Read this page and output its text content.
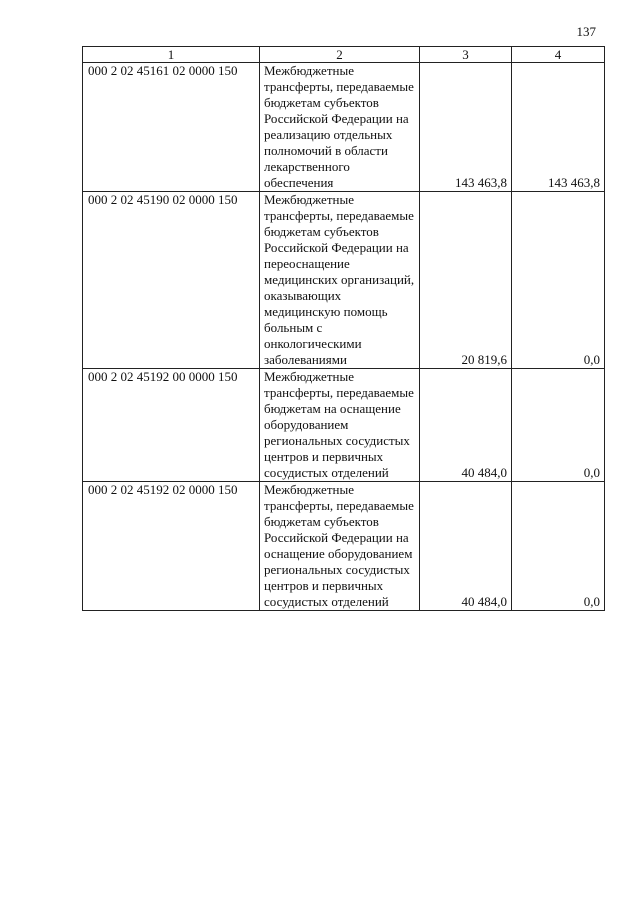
137
1	2	3	4
000 2 02 45161 02 0000 150	Межбюджетные трансферты, передаваемые бюджетам субъектов Российской Федерации на реализацию отдельных полномочий в области лекарственного обеспечения	143 463,8	143 463,8
000 2 02 45190 02 0000 150	Межбюджетные трансферты, передаваемые бюджетам субъектов Российской Федерации на переоснащение медицинских организаций, оказывающих медицинскую помощь больным с онкологическими заболеваниями	20 819,6	0,0
000 2 02 45192 00 0000 150	Межбюджетные трансферты, передаваемые бюджетам на оснащение оборудованием региональных сосудистых центров и первичных сосудистых отделений	40 484,0	0,0
000 2 02 45192 02 0000 150	Межбюджетные трансферты, передаваемые бюджетам субъектов Российской Федерации на оснащение оборудованием региональных сосудистых центров и первичных сосудистых отделений	40 484,0	0,0
